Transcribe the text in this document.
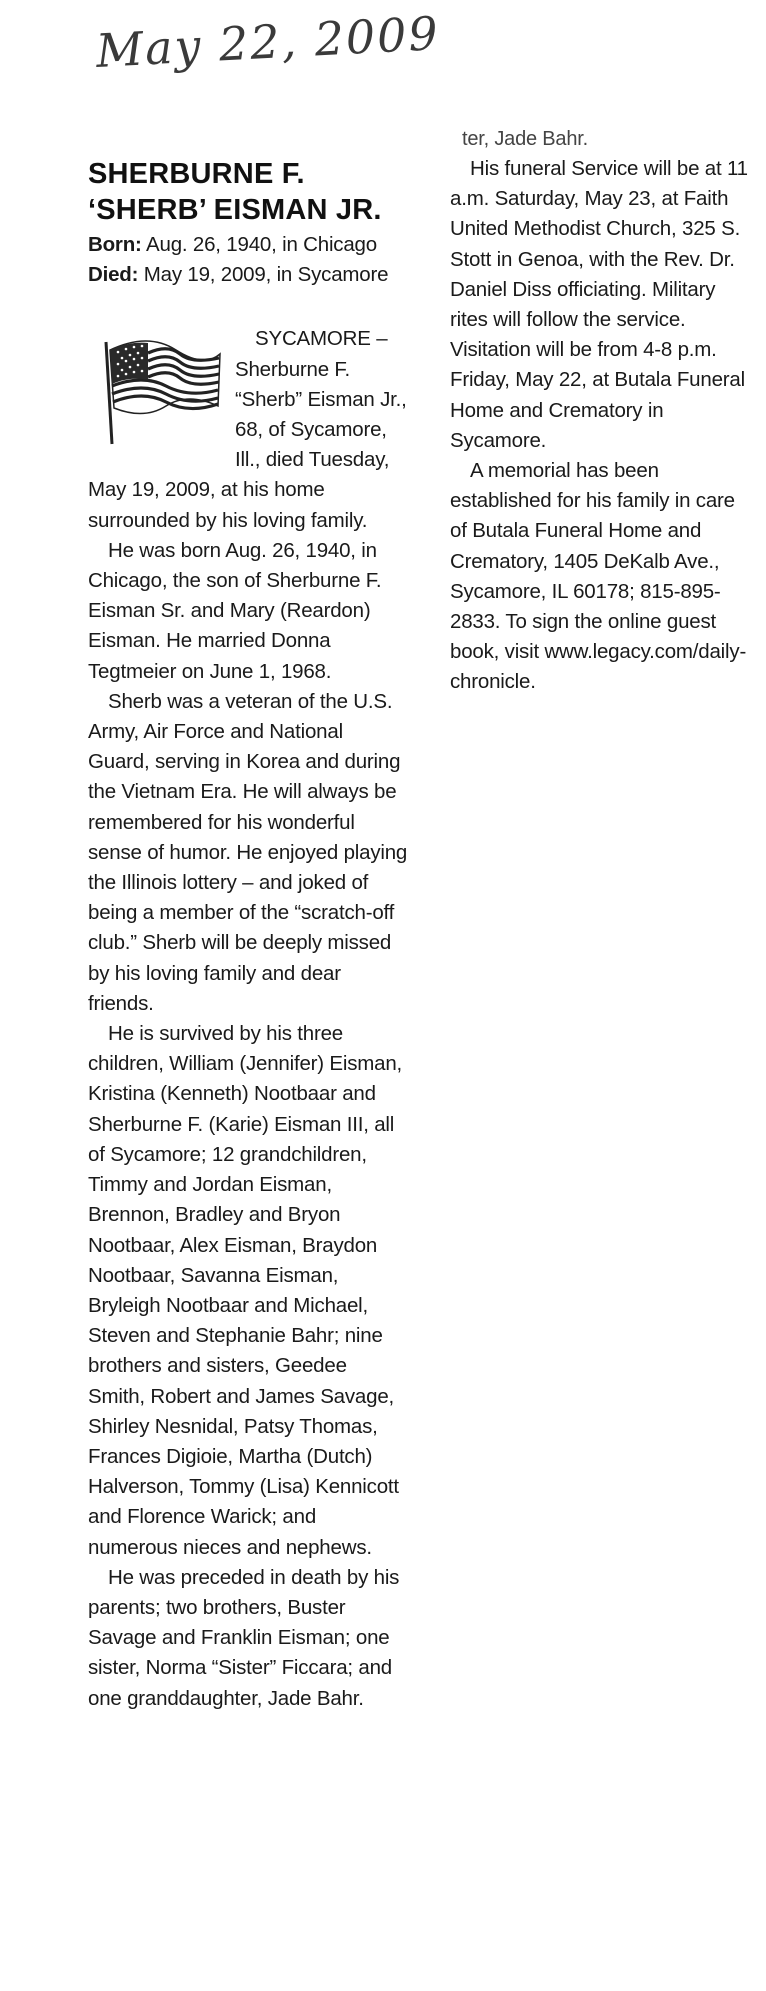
May 22, 2009
SHERBURNE F.
‘SHERB’ EISMAN JR.
Born: Aug. 26, 1940, in Chicago
Died: May 19, 2009, in Sycamore

SYCAMORE – Sherburne F. “Sherb” Eisman Jr., 68, of Sycamore, Ill., died Tuesday, May 19, 2009, at his home surrounded by his loving family.

He was born Aug. 26, 1940, in Chicago, the son of Sherburne F. Eisman Sr. and Mary (Reardon) Eisman. He married Donna Tegtmeier on June 1, 1968.

Sherb was a veteran of the U.S. Army, Air Force and National Guard, serving in Korea and during the Vietnam Era. He will always be remembered for his wonderful sense of humor. He enjoyed playing the Illinois lottery – and joked of being a member of the “scratch-off club.” Sherb will be deeply missed by his loving family and dear friends.

He is survived by his three children, William (Jennifer) Eisman, Kristina (Kenneth) Nootbaar and Sherburne F. (Karie) Eisman III, all of Sycamore; 12 grandchildren, Timmy and Jordan Eisman, Brennon, Bradley and Bryon Nootbaar, Alex Eisman, Braydon Nootbaar, Savanna Eisman, Bryleigh Nootbaar and Michael, Steven and Stephanie Bahr; nine brothers and sisters, Geedee Smith, Robert and James Savage, Shirley Nesnidal, Patsy Thomas, Frances Digioie, Martha (Dutch) Halverson, Tommy (Lisa) Kennicott and Florence Warick; and numerous nieces and nephews.

He was preceded in death by his parents; two brothers, Buster Savage and Franklin Eisman; one sister, Norma “Sister” Ficcara; and one granddaughter, Jade Bahr.

ter, Jade Bahr.

His funeral Service will be at 11 a.m. Saturday, May 23, at Faith United Methodist Church, 325 S. Stott in Genoa, with the Rev. Dr. Daniel Diss officiating. Military rites will follow the service. Visitation will be from 4-8 p.m. Friday, May 22, at Butala Funeral Home and Crematory in Sycamore.

A memorial has been established for his family in care of Butala Funeral Home and Crematory, 1405 DeKalb Ave., Sycamore, IL 60178; 815-895-2833. To sign the online guest book, visit www.legacy.com/daily-chronicle.
